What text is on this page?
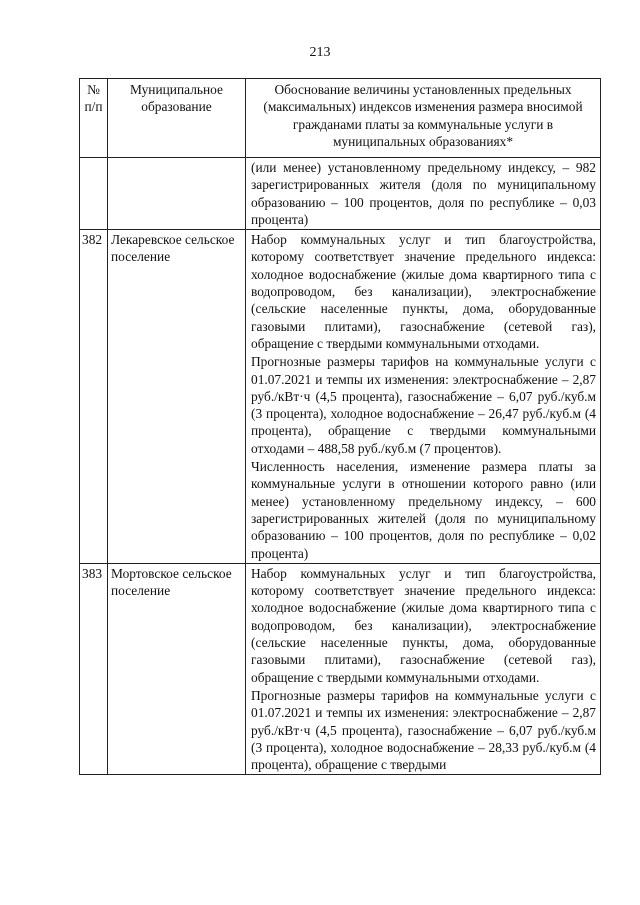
213
№ п/п	Муниципальное образование	Обоснование величины установленных предельных (максимальных) индексов изменения размера вносимой гражданами платы за коммунальные услуги в муниципальных образованиях*

		(или менее) установленному предельному индексу, – 982 зарегистрированных жителя (доля по муниципальному образованию – 100 процентов, доля по республике – 0,03 процента)

382	Лекаревское сельское поселение	Набор коммунальных услуг и тип благоустройства, которому соответствует значение предельного индекса: холодное водоснабжение (жилые дома квартирного типа с водопроводом, без канализации), электроснабжение (сельские населенные пункты, дома, оборудованные газовыми плитами), газоснабжение (сетевой газ), обращение с твердыми коммунальными отходами.

Прогнозные размеры тарифов на коммунальные услуги с 01.07.2021 и темпы их изменения: электроснабжение – 2,87 руб./кВт·ч (4,5 процента), газоснабжение – 6,07 руб./куб.м (3 процента), холодное водоснабжение – 26,47 руб./куб.м (4 процента), обращение с твердыми коммунальными отходами – 488,58 руб./куб.м (7 процентов).

Численность населения, изменение размера платы за коммунальные услуги в отношении которого равно (или менее) установленному предельному индексу, – 600 зарегистрированных жителей (доля по муниципальному образованию – 100 процентов, доля по республике – 0,02 процента)

383	Мортовское сельское поселение	Набор коммунальных услуг и тип благоустройства, которому соответствует значение предельного индекса: холодное водоснабжение (жилые дома квартирного типа с водопроводом, без канализации), электроснабжение (сельские населенные пункты, дома, оборудованные газовыми плитами), газоснабжение (сетевой газ), обращение с твердыми коммунальными отходами.

Прогнозные размеры тарифов на коммунальные услуги с 01.07.2021 и темпы их изменения: электроснабжение – 2,87 руб./кВт·ч (4,5 процента), газоснабжение – 6,07 руб./куб.м (3 процента), холодное водоснабжение – 28,33 руб./куб.м (4 процента), обращение с твердыми
